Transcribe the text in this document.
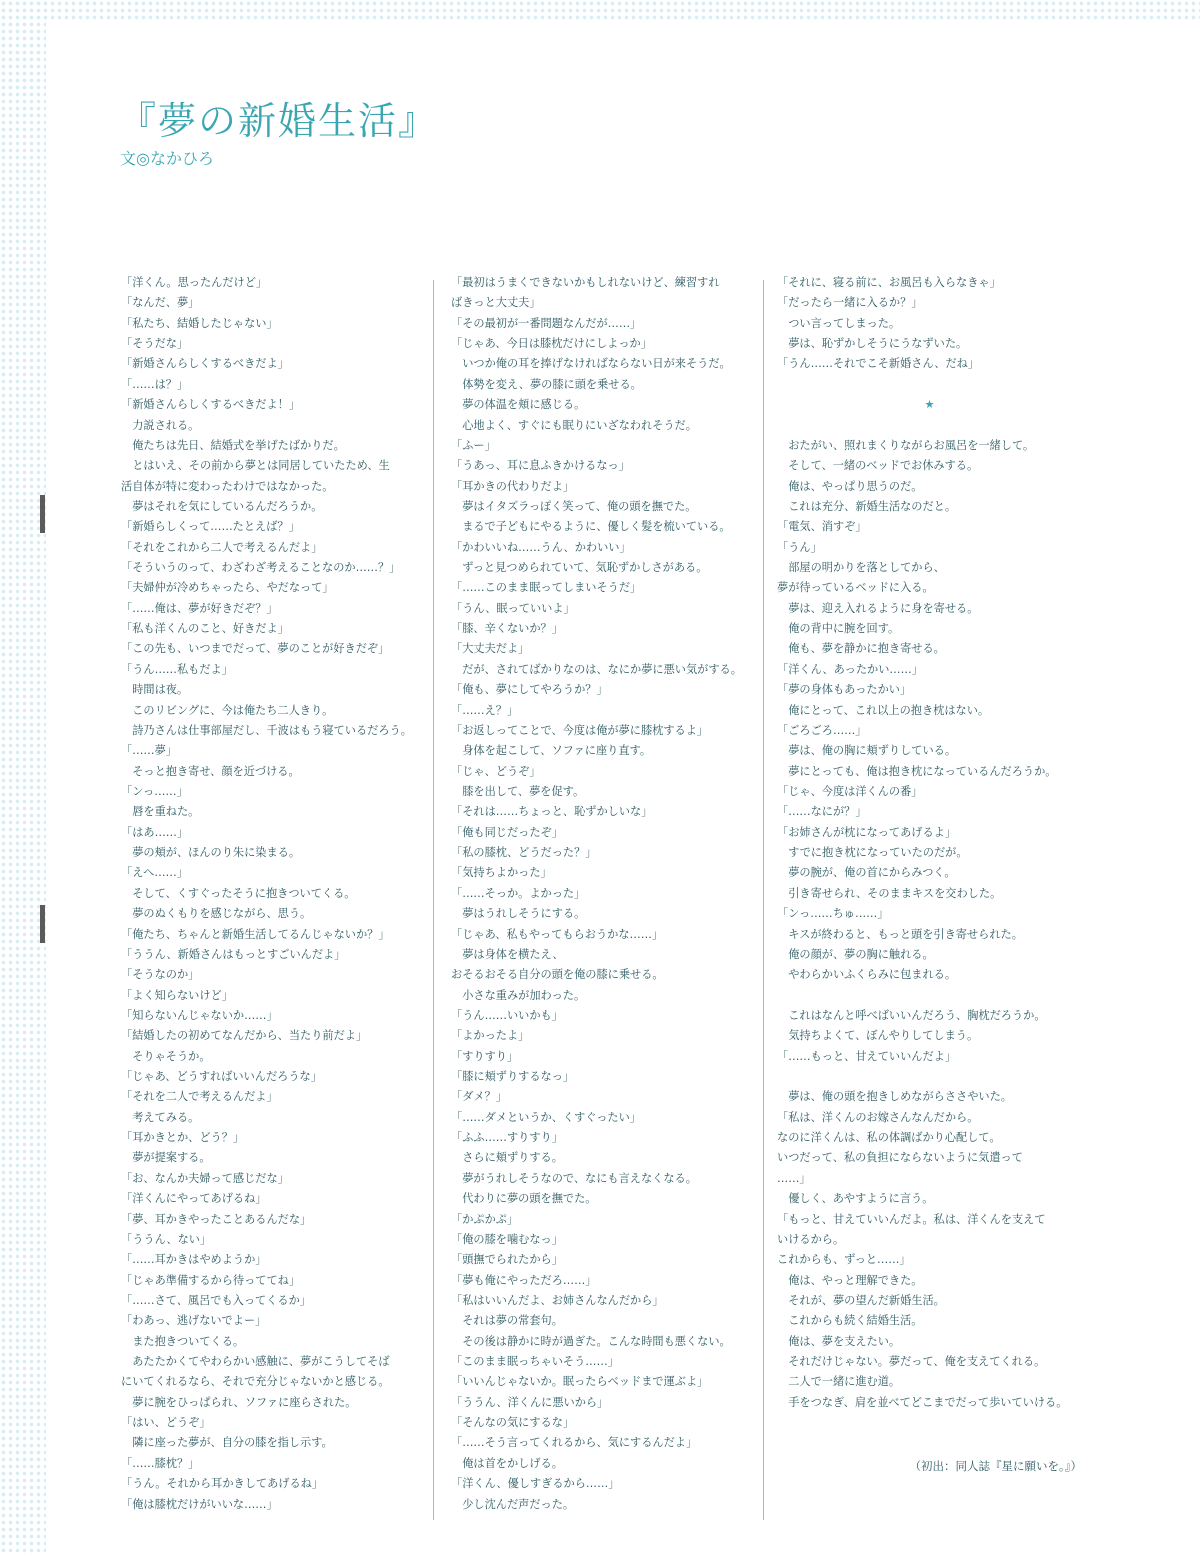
『夢の新婚生活』
文◎なかひろ
「洋くん。思ったんだけど」
「なんだ、夢」
「私たち、結婚したじゃない」
「そうだな」
「新婚さんらしくするべきだよ」
「……は？」
「新婚さんらしくするべきだよ！」
　力説される。
　俺たちは先日、結婚式を挙げたばかりだ。
　とはいえ、その前から夢とは同居していたため、生
活自体が特に変わったわけではなかった。
　夢はそれを気にしているんだろうか。
「新婚らしくって……たとえば？」
「それをこれから二人で考えるんだよ」
「そういうのって、わざわざ考えることなのか……？」
「夫婦仲が冷めちゃったら、やだなって」
「……俺は、夢が好きだぞ？」
「私も洋くんのこと、好きだよ」
「この先も、いつまでだって、夢のことが好きだぞ」
「うん……私もだよ」
　時間は夜。
　このリビングに、今は俺たち二人きり。
　詩乃さんは仕事部屋だし、千波はもう寝ているだろう。
「……夢」
　そっと抱き寄せ、顔を近づける。
「ンっ……」
　唇を重ねた。
「はあ……」
　夢の頬が、ほんのり朱に染まる。
「えへ……」
　そして、くすぐったそうに抱きついてくる。
　夢のぬくもりを感じながら、思う。
「俺たち、ちゃんと新婚生活してるんじゃないか？」
「ううん、新婚さんはもっとすごいんだよ」
「そうなのか」
「よく知らないけど」
「知らないんじゃないか……」
「結婚したの初めてなんだから、当たり前だよ」
　そりゃそうか。
「じゃあ、どうすればいいんだろうな」
「それを二人で考えるんだよ」
　考えてみる。
「耳かきとか、どう？」
　夢が提案する。
「お、なんか夫婦って感じだな」
「洋くんにやってあげるね」
「夢、耳かきやったことあるんだな」
「ううん、ない」
「……耳かきはやめようか」
「じゃあ準備するから待っててね」
「……さて、風呂でも入ってくるか」
「わあっ、逃げないでよー」
　また抱きついてくる。
　あたたかくてやわらかい感触に、夢がこうしてそば
にいてくれるなら、それで充分じゃないかと感じる。
　夢に腕をひっぱられ、ソファに座らされた。
「はい、どうぞ」
　隣に座った夢が、自分の膝を指し示す。
「……膝枕？」
「うん。それから耳かきしてあげるね」
「俺は膝枕だけがいいな……」
「最初はうまくできないかもしれないけど、練習すれ
ばきっと大丈夫」
「その最初が一番問題なんだが……」
「じゃあ、今日は膝枕だけにしよっか」
　いつか俺の耳を捧げなければならない日が来そうだ。
　体勢を変え、夢の膝に頭を乗せる。
　夢の体温を頬に感じる。
　心地よく、すぐにも眠りにいざなわれそうだ。
「ふー」
「うあっ、耳に息ふきかけるなっ」
「耳かきの代わりだよ」
　夢はイタズラっぽく笑って、俺の頭を撫でた。
　まるで子どもにやるように、優しく髪を梳いている。
「かわいいね……うん、かわいい」
　ずっと見つめられていて、気恥ずかしさがある。
「……このまま眠ってしまいそうだ」
「うん、眠っていいよ」
「膝、辛くないか？」
「大丈夫だよ」
　だが、されてばかりなのは、なにか夢に悪い気がする。
「俺も、夢にしてやろうか？」
「……え？」
「お返しってことで、今度は俺が夢に膝枕するよ」
　身体を起こして、ソファに座り直す。
「じゃ、どうぞ」
　膝を出して、夢を促す。
「それは……ちょっと、恥ずかしいな」
「俺も同じだったぞ」
「私の膝枕、どうだった？」
「気持ちよかった」
「……そっか。よかった」
　夢はうれしそうにする。
「じゃあ、私もやってもらおうかな……」
　夢は身体を横たえ、
おそるおそる自分の頭を俺の膝に乗せる。
　小さな重みが加わった。
「うん……いいかも」
「よかったよ」
「すりすり」
「膝に頬ずりするなっ」
「ダメ？」
「……ダメというか、くすぐったい」
「ふふ……すりすり」
　さらに頬ずりする。
　夢がうれしそうなので、なにも言えなくなる。
　代わりに夢の頭を撫でた。
「かぷかぷ」
「俺の膝を噛むなっ」
「頭撫でられたから」
「夢も俺にやっただろ……」
「私はいいんだよ、お姉さんなんだから」
　それは夢の常套句。
　その後は静かに時が過ぎた。こんな時間も悪くない。
「このまま眠っちゃいそう……」
「いいんじゃないか。眠ったらベッドまで運ぶよ」
「ううん、洋くんに悪いから」
「そんなの気にするな」
「……そう言ってくれるから、気にするんだよ」
　俺は首をかしげる。
「洋くん、優しすぎるから……」
　少し沈んだ声だった。
「それに、寝る前に、お風呂も入らなきゃ」
「だったら一緒に入るか？」
　つい言ってしまった。
　夢は、恥ずかしそうにうなずいた。
「うん……それでこそ新婚さん、だね」
★
　おたがい、照れまくりながらお風呂を一緒して。
　そして、一緒のベッドでお休みする。
　俺は、やっぱり思うのだ。
　これは充分、新婚生活なのだと。
「電気、消すぞ」
「うん」
　部屋の明かりを落としてから、
夢が待っているベッドに入る。
　夢は、迎え入れるように身を寄せる。
　俺の背中に腕を回す。
　俺も、夢を静かに抱き寄せる。
「洋くん、あったかい……」
「夢の身体もあったかい」
　俺にとって、これ以上の抱き枕はない。
「ごろごろ……」
　夢は、俺の胸に頬ずりしている。
　夢にとっても、俺は抱き枕になっているんだろうか。
「じゃ、今度は洋くんの番」
「……なにが？」
「お姉さんが枕になってあげるよ」
　すでに抱き枕になっていたのだが。
　夢の腕が、俺の首にからみつく。
　引き寄せられ、そのままキスを交わした。
「ンっ……ちゅ……」
　キスが終わると、もっと頭を引き寄せられた。
　俺の顔が、夢の胸に触れる。
　やわらかいふくらみに包まれる。
　これはなんと呼べばいいんだろう、胸枕だろうか。
　気持ちよくて、ぼんやりしてしまう。
「……もっと、甘えていいんだよ」
　夢は、俺の頭を抱きしめながらささやいた。
「私は、洋くんのお嫁さんなんだから。
なのに洋くんは、私の体調ばかり心配して。
いつだって、私の負担にならないように気遣って
……」
　優しく、あやすように言う。
「もっと、甘えていいんだよ。私は、洋くんを支えて
いけるから。
これからも、ずっと……」
　俺は、やっと理解できた。
　それが、夢の望んだ新婚生活。
　これからも続く結婚生活。
　俺は、夢を支えたい。
　それだけじゃない。夢だって、俺を支えてくれる。
　二人で一緒に進む道。
　手をつなぎ、肩を並べてどこまでだって歩いていける。
（初出：同人誌『星に願いを。』）
